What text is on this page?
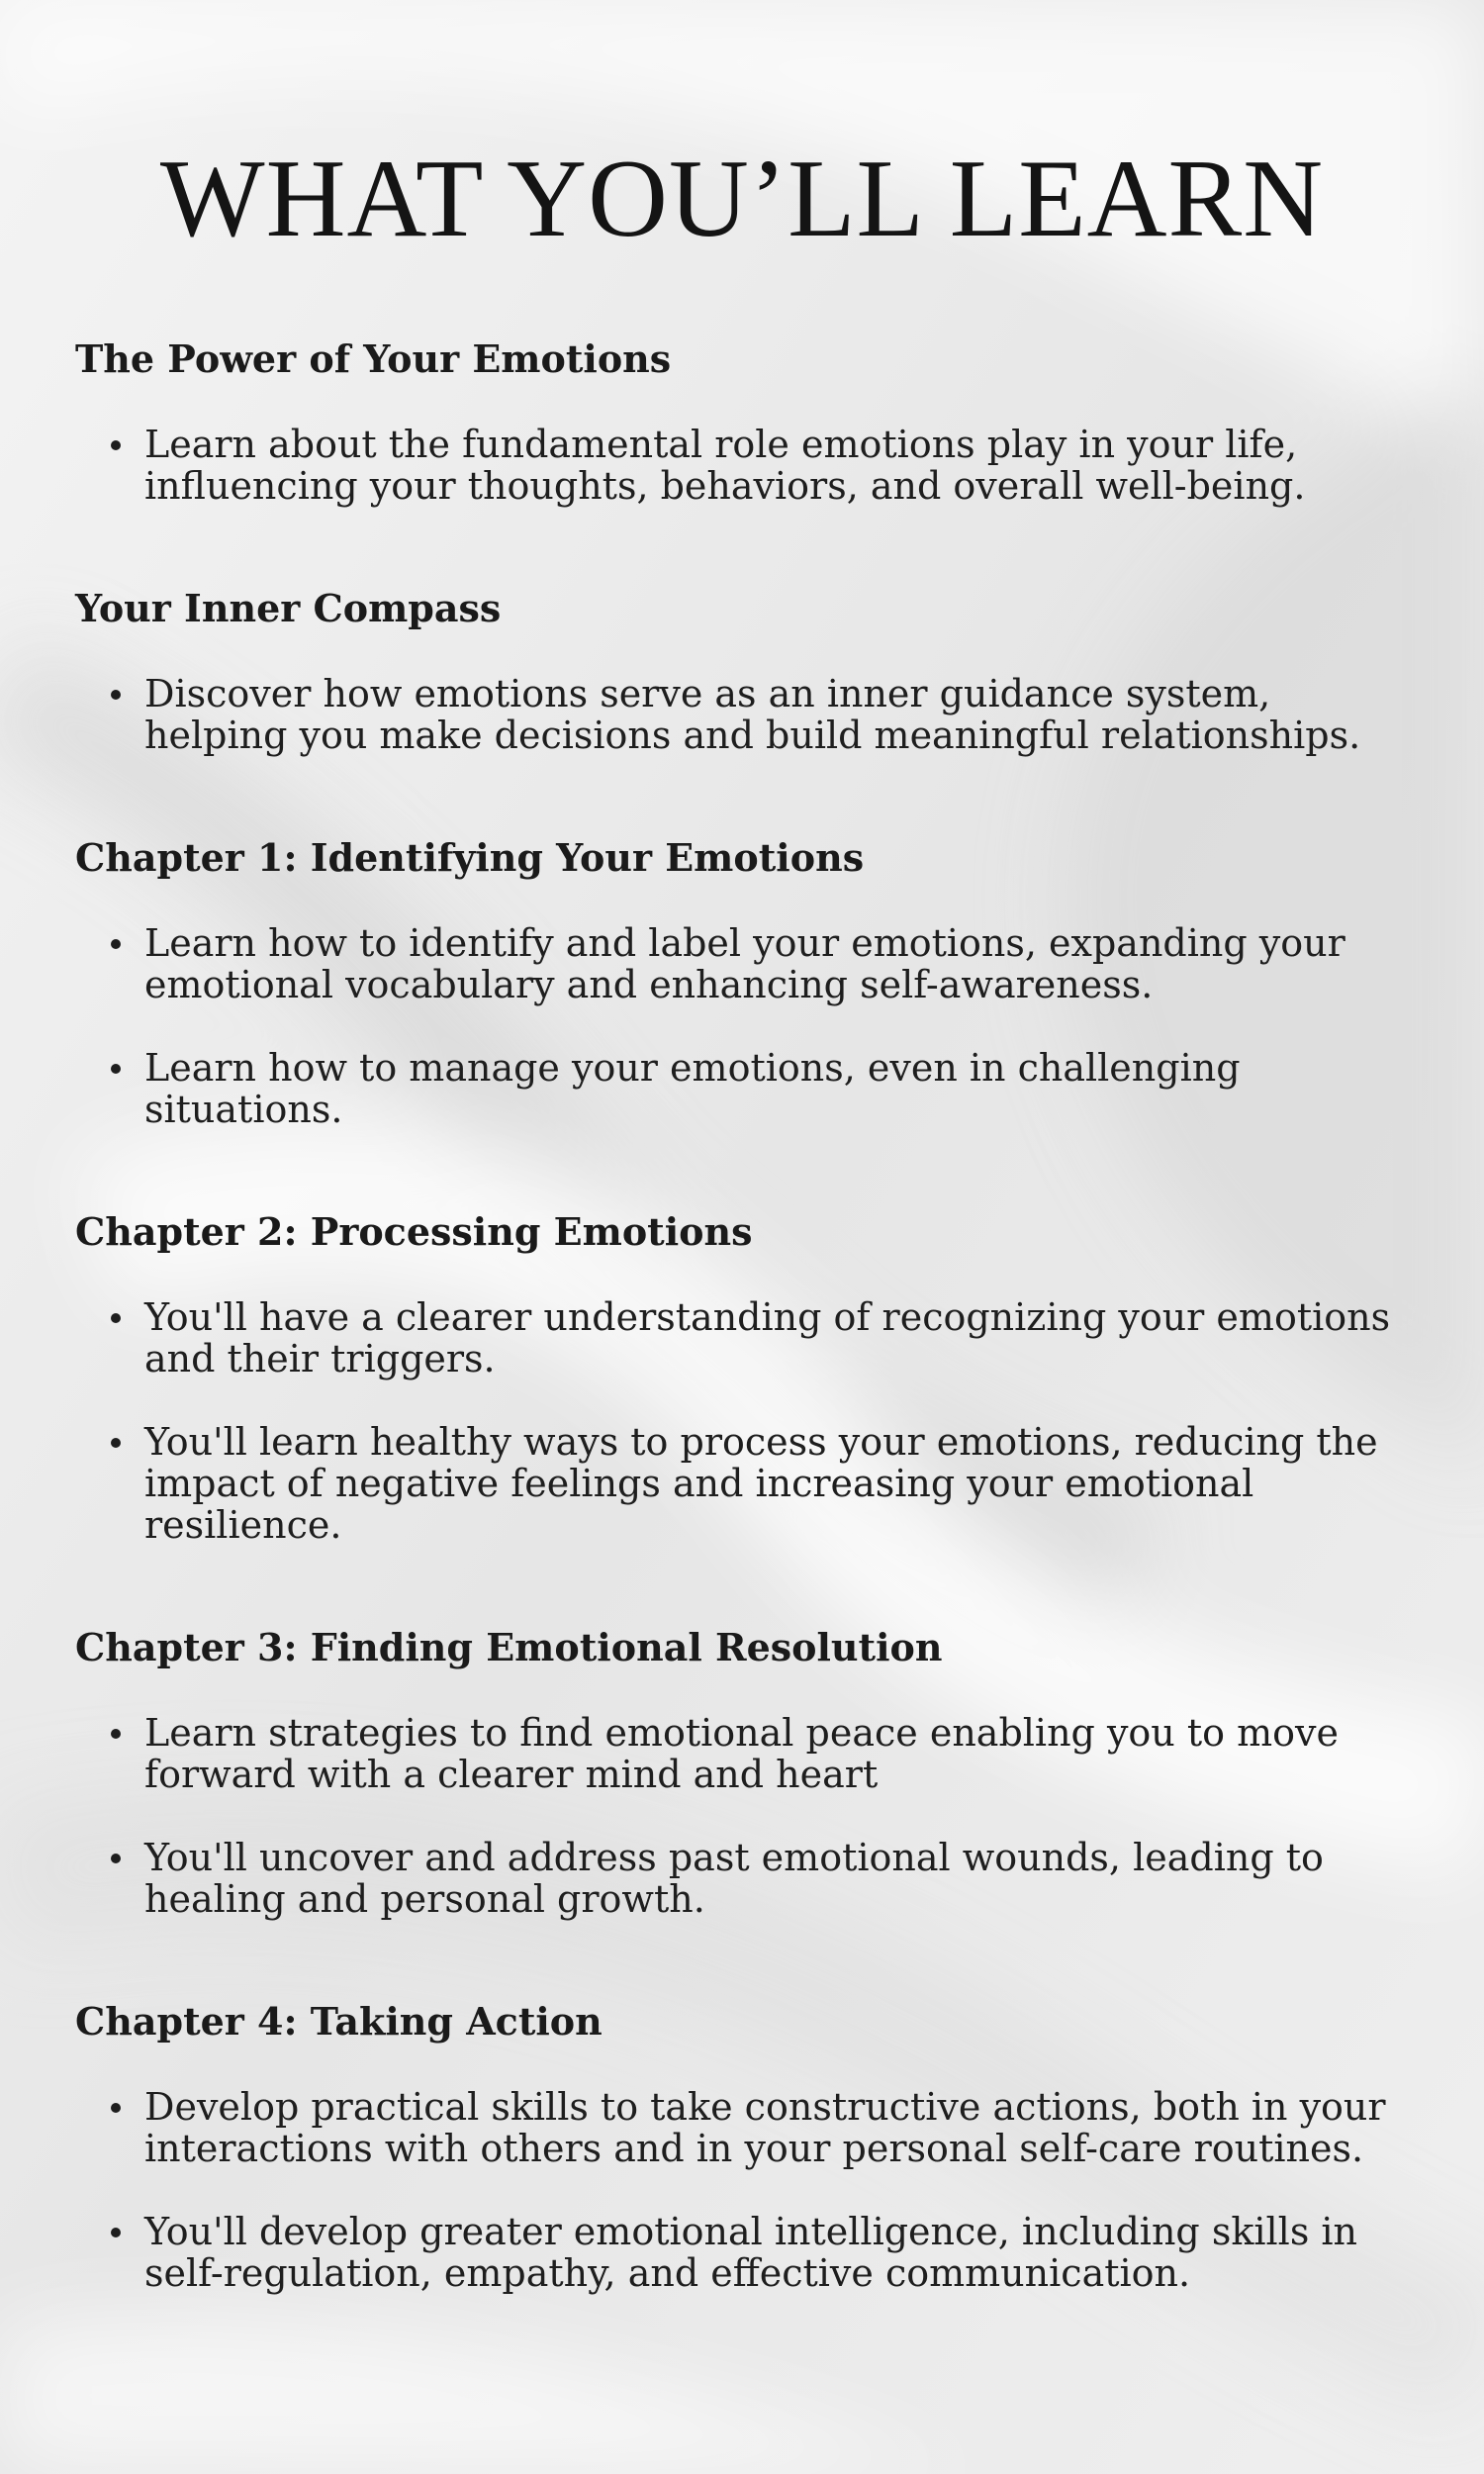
WHAT YOU’LL LEARN
The Power of Your Emotions
Learn about the fundamental role emotions play in your life, influencing your thoughts, behaviors, and overall well-being.
Your Inner Compass
Discover how emotions serve as an inner guidance system, helping you make decisions and build meaningful relationships.
Chapter 1: Identifying Your Emotions
Learn how to identify and label your emotions, expanding your emotional vocabulary and enhancing self-awareness.
Learn how to manage your emotions, even in challenging situations.
Chapter 2: Processing Emotions
You'll have a clearer understanding of recognizing your emotions and their triggers.
You'll learn healthy ways to process your emotions, reducing the impact of negative feelings and increasing your emotional resilience.
Chapter 3: Finding Emotional Resolution
Learn strategies to find emotional peace enabling you to move forward with a clearer mind and heart
You'll uncover and address past emotional wounds, leading to healing and personal growth.
Chapter 4: Taking Action
Develop practical skills to take constructive actions, both in your interactions with others and in your personal self-care routines.
You'll develop greater emotional intelligence, including skills in self-regulation, empathy, and effective communication.
